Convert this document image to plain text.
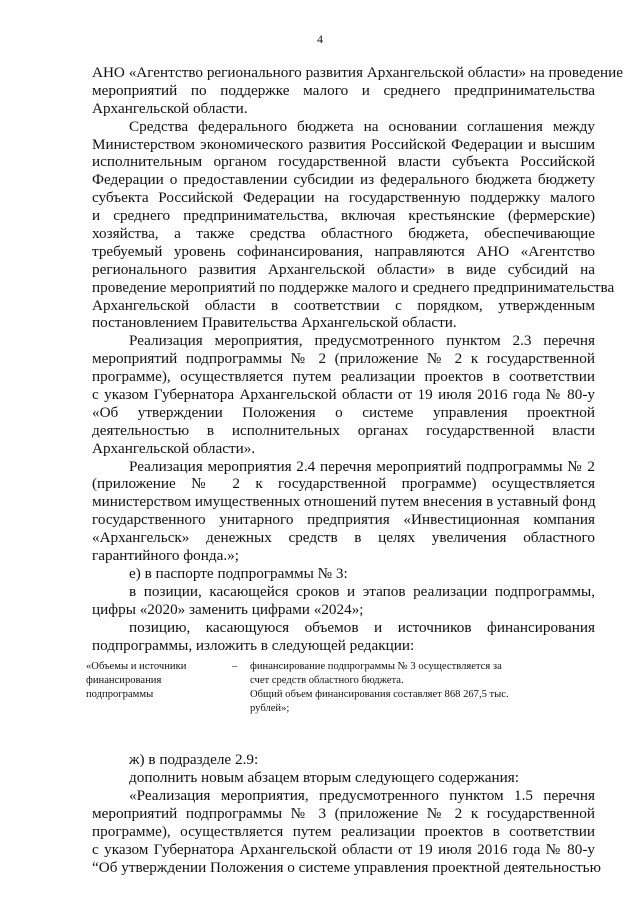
4
АНО «Агентство регионального развития Архангельской области» на проведение
мероприятий по поддержке малого и среднего предпринимательства
Архангельской области.
Средства федерального бюджета на основании соглашения между
Министерством экономического развития Российской Федерации и высшим
исполнительным органом государственной власти субъекта Российской
Федерации о предоставлении субсидии из федерального бюджета бюджету
субъекта Российской Федерации на государственную поддержку малого
и среднего предпринимательства, включая крестьянские (фермерские)
хозяйства, а также средства областного бюджета, обеспечивающие
требуемый уровень софинансирования, направляются АНО «Агентство
регионального развития Архангельской области» в виде субсидий на
проведение мероприятий по поддержке малого и среднего предпринимательства
Архангельской области в соответствии с порядком, утвержденным
постановлением Правительства Архангельской области.
Реализация мероприятия, предусмотренного пунктом 2.3 перечня
мероприятий подпрограммы № 2 (приложение № 2 к государственной
программе), осуществляется путем реализации проектов в соответствии
с указом Губернатора Архангельской области от 19 июля 2016 года № 80-у
«Об утверждении Положения о системе управления проектной
деятельностью в исполнительных органах государственной власти
Архангельской области».
Реализация мероприятия 2.4 перечня мероприятий подпрограммы № 2
(приложение № 2 к государственной программе) осуществляется
министерством имущественных отношений путем внесения в уставный фонд
государственного унитарного предприятия «Инвестиционная компания
«Архангельск» денежных средств в целях увеличения областного
гарантийного фонда.»;
е) в паспорте подпрограммы № 3:
в позиции, касающейся сроков и этапов реализации подпрограммы,
цифры «2020» заменить цифрами «2024»;
позицию, касающуюся объемов и источников финансирования
подпрограммы, изложить в следующей редакции:
«Объемы и источники
финансирования
подпрограммы
– финансирование подпрограммы № 3 осуществляется за
счет средств областного бюджета.
Общий объем финансирования составляет 868 267,5 тыс.
рублей»;
ж) в подразделе 2.9:
дополнить новым абзацем вторым следующего содержания:
«Реализация мероприятия, предусмотренного пунктом 1.5 перечня
мероприятий подпрограммы № 3 (приложение № 2 к государственной
программе), осуществляется путем реализации проектов в соответствии
с указом Губернатора Архангельской области от 19 июля 2016 года № 80-у
“Об утверждении Положения о системе управления проектной деятельностью
